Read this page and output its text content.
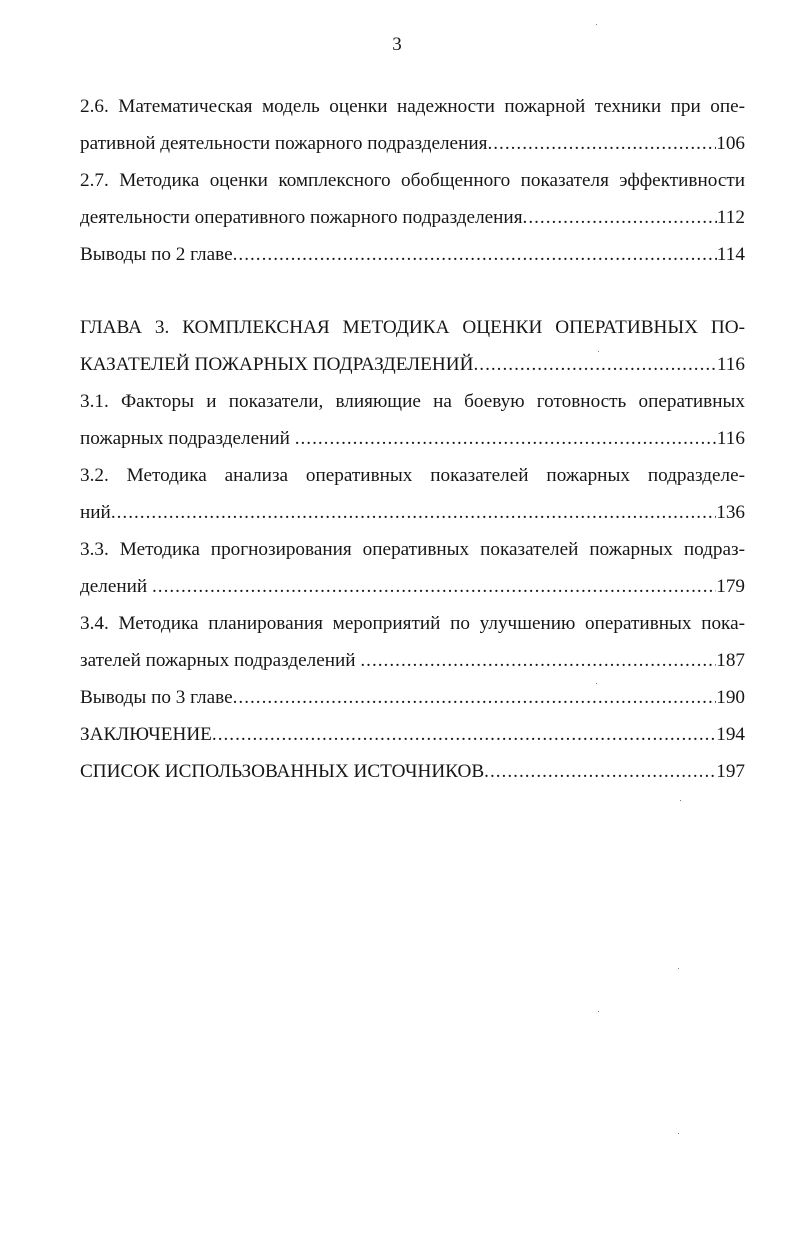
3
2.6. Математическая модель оценки надежности пожарной техники при опе-
ративной деятельности пожарного подразделения .....	106
2.7. Методика оценки комплексного обобщенного показателя эффективности
деятельности оперативного пожарного подразделения .....	112
Выводы по 2 главе .....	114
ГЛАВА 3. КОМПЛЕКСНАЯ МЕТОДИКА ОЦЕНКИ ОПЕРАТИВНЫХ ПО-
КАЗАТЕЛЕЙ ПОЖАРНЫХ ПОДРАЗДЕЛЕНИЙ .....	116
3.1. Факторы и показатели, влияющие на боевую готовность оперативных
пожарных подразделений .....	116
3.2. Методика анализа оперативных показателей пожарных подразделе-
ний .....	136
3.3. Методика прогнозирования оперативных показателей пожарных подраз-
делений .....	179
3.4. Методика планирования мероприятий по улучшению оперативных пока-
зателей пожарных подразделений .....	187
Выводы по 3 главе .....	190
ЗАКЛЮЧЕНИЕ .....	194
СПИСОК ИСПОЛЬЗОВАННЫХ ИСТОЧНИКОВ .....	197
